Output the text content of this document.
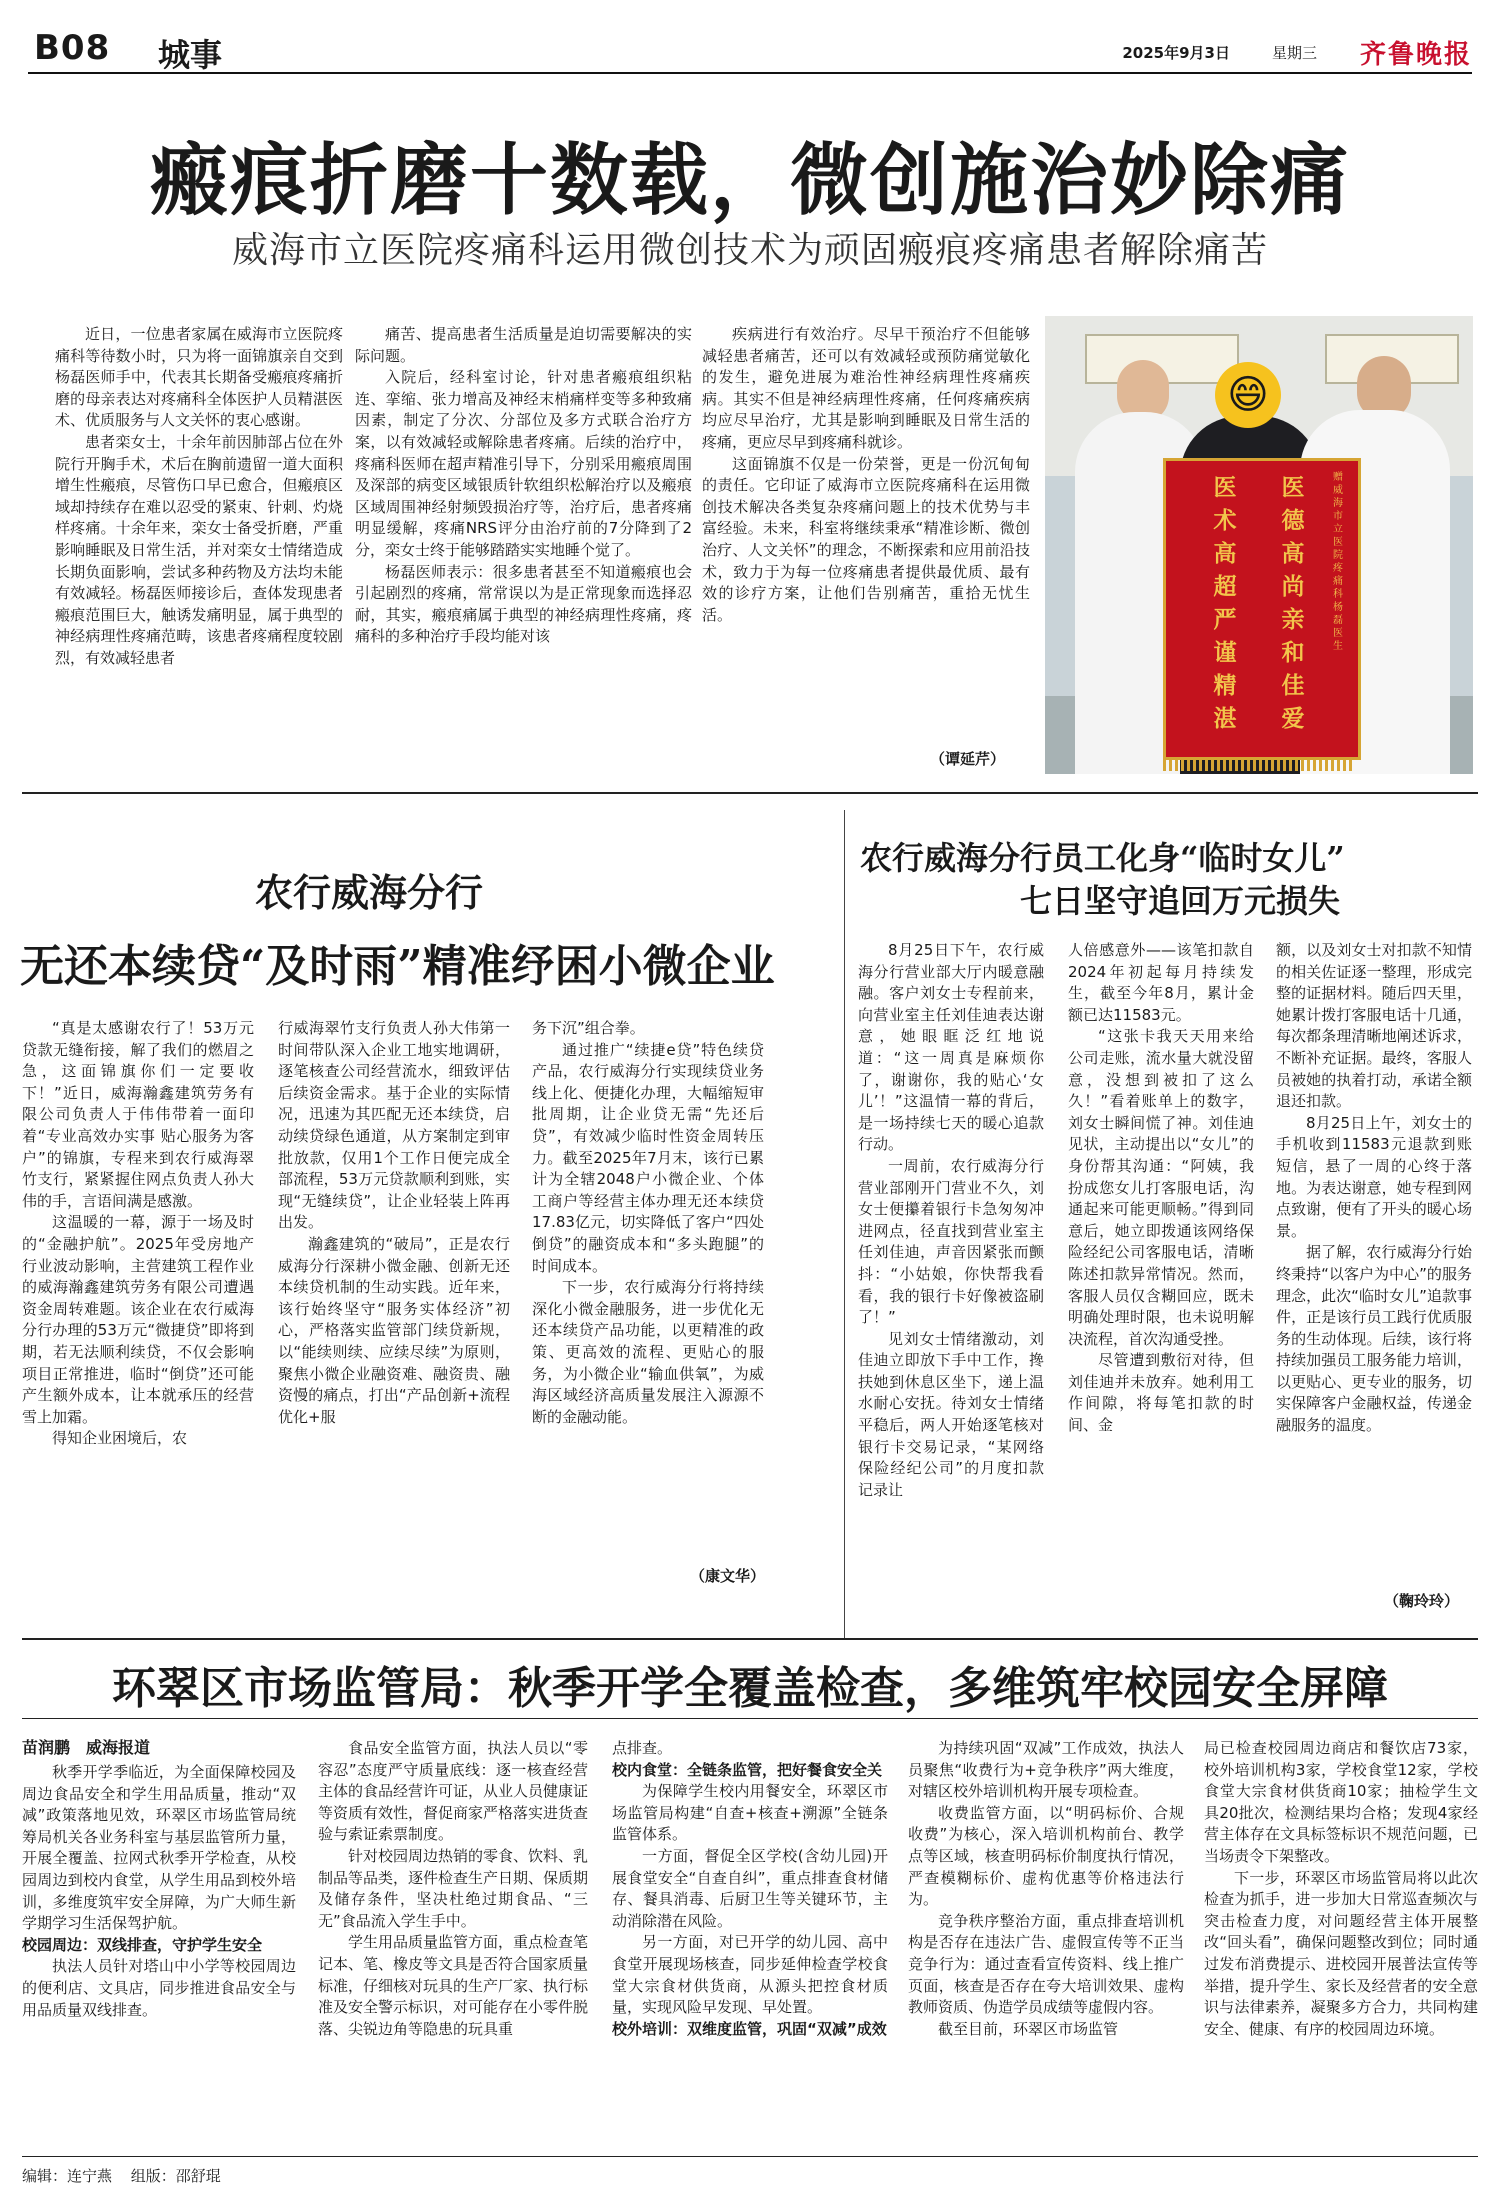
B08 城事	2025年9月3日	星期三 齐鲁晚报
瘢痕折磨十数载，微创施治妙除痛
威海市立医院疼痛科运用微创技术为顽固瘢痕疼痛患者解除痛苦

近日，一位患者家属在威海市立医院疼痛科等待数小时，只为将一面锦旗亲自交到杨磊医师手中，代表其长期备受瘢痕疼痛折磨的母亲表达对疼痛科全体医护人员精湛医术、优质服务与人文关怀的衷心感谢。

患者栾女士，十余年前因肺部占位在外院行开胸手术，术后在胸前遗留一道大面积增生性瘢痕，尽管伤口早已愈合，但瘢痕区域却持续存在难以忍受的紧束、针刺、灼烧样疼痛。十余年来，栾女士备受折磨，严重影响睡眠及日常生活，并对栾女士情绪造成长期负面影响，尝试多种药物及方法均未能有效减轻。杨磊医师接诊后，查体发现患者瘢痕范围巨大，触诱发痛明显，属于典型的神经病理性疼痛范畴，该患者疼痛程度较剧烈，有效减轻患者

痛苦、提高患者生活质量是迫切需要解决的实际问题。

入院后，经科室讨论，针对患者瘢痕组织粘连、挛缩、张力增高及神经末梢痛样变等多种致痛因素，制定了分次、分部位及多方式联合治疗方案，以有效减轻或解除患者疼痛。后续的治疗中，疼痛科医师在超声精准引导下，分别采用瘢痕周围及深部的病变区域银质针软组织松解治疗以及瘢痕区域周围神经射频毁损治疗等，治疗后，患者疼痛明显缓解，疼痛NRS评分由治疗前的7分降到了2分，栾女士终于能够踏踏实实地睡个觉了。

杨磊医师表示：很多患者甚至不知道瘢痕也会引起剧烈的疼痛，常常误以为是正常现象而选择忍耐，其实，瘢痕痛属于典型的神经病理性疼痛，疼痛科的多种治疗手段均能对该

疾病进行有效治疗。尽早干预治疗不但能够减轻患者痛苦，还可以有效减轻或预防痛觉敏化的发生，避免进展为难治性神经病理性疼痛疾病。其实不但是神经病理性疼痛，任何疼痛疾病均应尽早治疗，尤其是影响到睡眠及日常生活的疼痛，更应尽早到疼痛科就诊。

这面锦旗不仅是一份荣誉，更是一份沉甸甸的责任。它印证了威海市立医院疼痛科在运用微创技术解决各类复杂疼痛问题上的技术优势与丰富经验。未来，科室将继续秉承“精准诊断、微创治疗、人文关怀”的理念，不断探索和应用前沿技术，致力于为每一位疼痛患者提供最优质、最有效的诊疗方案，让他们告别痛苦，重拾无忧生活。

（谭延芹）
😄
赠威海市立医院疼痛科杨磊医生
医德高尚亲和佳爱
医术高超严谨精湛
农行威海分行
无还本续贷“及时雨”精准纾困小微企业

“真是太感谢农行了！53万元贷款无缝衔接，解了我们的燃眉之急，这面锦旗你们一定要收下！”近日，威海瀚鑫建筑劳务有限公司负责人于伟伟带着一面印着“专业高效办实事 贴心服务为客户”的锦旗，专程来到农行威海翠竹支行，紧紧握住网点负责人孙大伟的手，言语间满是感激。

这温暖的一幕，源于一场及时的“金融护航”。2025年受房地产行业波动影响，主营建筑工程作业的威海瀚鑫建筑劳务有限公司遭遇资金周转难题。该企业在农行威海分行办理的53万元“微捷贷”即将到期，若无法顺利续贷，不仅会影响项目正常推进，临时“倒贷”还可能产生额外成本，让本就承压的经营雪上加霜。

得知企业困境后，农

行威海翠竹支行负责人孙大伟第一时间带队深入企业工地实地调研，逐笔核查公司经营流水，细致评估后续资金需求。基于企业的实际情况，迅速为其匹配无还本续贷，启动续贷绿色通道，从方案制定到审批放款，仅用1个工作日便完成全部流程，53万元贷款顺利到账，实现“无缝续贷”，让企业轻装上阵再出发。

瀚鑫建筑的“破局”，正是农行威海分行深耕小微金融、创新无还本续贷机制的生动实践。近年来，该行始终坚守“服务实体经济”初心，严格落实监管部门续贷新规，以“能续则续、应续尽续”为原则，聚焦小微企业融资难、融资贵、融资慢的痛点，打出“产品创新+流程优化+服

务下沉”组合拳。

通过推广“续捷e贷”特色续贷产品，农行威海分行实现续贷业务线上化、便捷化办理，大幅缩短审批周期，让企业贷无需“先还后贷”，有效减少临时性资金周转压力。截至2025年7月末，该行已累计为全辖2048户小微企业、个体工商户等经营主体办理无还本续贷17.83亿元，切实降低了客户“四处倒贷”的融资成本和“多头跑腿”的时间成本。

下一步，农行威海分行将持续深化小微金融服务，进一步优化无还本续贷产品功能，以更精准的政策、更高效的流程、更贴心的服务，为小微企业“输血供氧”，为威海区域经济高质量发展注入源源不断的金融动能。

（康文华）
农行威海分行员工化身“临时女儿”
七日坚守追回万元损失

8月25日下午，农行威海分行营业部大厅内暖意融融。客户刘女士专程前来，向营业室主任刘佳迪表达谢意，她眼眶泛红地说道：“这一周真是麻烦你了，谢谢你，我的贴心‘女儿’！”这温情一幕的背后，是一场持续七天的暖心追款行动。

一周前，农行威海分行营业部刚开门营业不久，刘女士便攥着银行卡急匆匆冲进网点，径直找到营业室主任刘佳迪，声音因紧张而颤抖：“小姑娘，你快帮我看看，我的银行卡好像被盗刷了！”

见刘女士情绪激动，刘佳迪立即放下手中工作，搀扶她到休息区坐下，递上温水耐心安抚。待刘女士情绪平稳后，两人开始逐笔核对银行卡交易记录，“某网络保险经纪公司”的月度扣款记录让

人倍感意外——该笔扣款自2024年初起每月持续发生，截至今年8月，累计金额已达11583元。

“这张卡我天天用来给公司走账，流水量大就没留意，没想到被扣了这么久！”看着账单上的数字，刘女士瞬间慌了神。刘佳迪见状，主动提出以“女儿”的身份帮其沟通：“阿姨，我扮成您女儿打客服电话，沟通起来可能更顺畅。”得到同意后，她立即拨通该网络保险经纪公司客服电话，清晰陈述扣款异常情况。然而，客服人员仅含糊回应，既未明确处理时限，也未说明解决流程，首次沟通受挫。

尽管遭到敷衍对待，但刘佳迪并未放弃。她利用工作间隙，将每笔扣款的时间、金

额，以及刘女士对扣款不知情的相关佐证逐一整理，形成完整的证据材料。随后四天里，她累计拨打客服电话十几通，每次都条理清晰地阐述诉求，不断补充证据。最终，客服人员被她的执着打动，承诺全额退还扣款。

8月25日上午，刘女士的手机收到11583元退款到账短信，悬了一周的心终于落地。为表达谢意，她专程到网点致谢，便有了开头的暖心场景。

据了解，农行威海分行始终秉持“以客户为中心”的服务理念，此次“临时女儿”追款事件，正是该行员工践行优质服务的生动体现。后续，该行将持续加强员工服务能力培训，以更贴心、更专业的服务，切实保障客户金融权益，传递金融服务的温度。

（鞠玲玲）
环翠区市场监管局：秋季开学全覆盖检查，多维筑牢校园安全屏障
苗润鹏　威海报道

秋季开学季临近，为全面保障校园及周边食品安全和学生用品质量，推动“双减”政策落地见效，环翠区市场监管局统筹局机关各业务科室与基层监管所力量，开展全覆盖、拉网式秋季开学检查，从校园周边到校内食堂，从学生用品到校外培训，多维度筑牢安全屏障，为广大师生新学期学习生活保驾护航。

校园周边：双线排查，守护学生安全

执法人员针对塔山中小学等校园周边的便利店、文具店，同步推进食品安全与用品质量双线排查。

食品安全监管方面，执法人员以“零容忍”态度严守质量底线：逐一核查经营主体的食品经营许可证，从业人员健康证等资质有效性，督促商家严格落实进货查验与索证索票制度。

针对校园周边热销的零食、饮料、乳制品等品类，逐件检查生产日期、保质期及储存条件，坚决杜绝过期食品、“三无”食品流入学生手中。

学生用品质量监管方面，重点检查笔记本、笔、橡皮等文具是否符合国家质量标准，仔细核对玩具的生产厂家、执行标准及安全警示标识，对可能存在小零件脱落、尖锐边角等隐患的玩具重

点排查。

校内食堂：全链条监管，把好餐食安全关

为保障学生校内用餐安全，环翠区市场监管局构建“自查+核查+溯源”全链条监管体系。

一方面，督促全区学校(含幼儿园)开展食堂安全“自查自纠”，重点排查食材储存、餐具消毒、后厨卫生等关键环节，主动消除潜在风险。

另一方面，对已开学的幼儿园、高中食堂开展现场核查，同步延伸检查学校食堂大宗食材供货商，从源头把控食材质量，实现风险早发现、早处置。

校外培训：双维度监管，巩固“双减”成效

为持续巩固“双减”工作成效，执法人员聚焦“收费行为+竞争秩序”两大维度，对辖区校外培训机构开展专项检查。

收费监管方面，以“明码标价、合规收费”为核心，深入培训机构前台、教学点等区域，核查明码标价制度执行情况，严查模糊标价、虚构优惠等价格违法行为。

竞争秩序整治方面，重点排查培训机构是否存在违法广告、虚假宣传等不正当竞争行为：通过查看宣传资料、线上推广页面，核查是否存在夸大培训效果、虚构教师资质、伪造学员成绩等虚假内容。

截至目前，环翠区市场监管

局已检查校园周边商店和餐饮店73家，校外培训机构3家，学校食堂12家，学校食堂大宗食材供货商10家；抽检学生文具20批次，检测结果均合格；发现4家经营主体存在文具标签标识不规范问题，已当场责令下架整改。

下一步，环翠区市场监管局将以此次检查为抓手，进一步加大日常巡查频次与突击检查力度，对问题经营主体开展整改“回头看”，确保问题整改到位；同时通过发布消费提示、进校园开展普法宣传等举措，提升学生、家长及经营者的安全意识与法律素养，凝聚多方合力，共同构建安全、健康、有序的校园周边环境。

编辑：连宁燕 组版：邵舒琨
